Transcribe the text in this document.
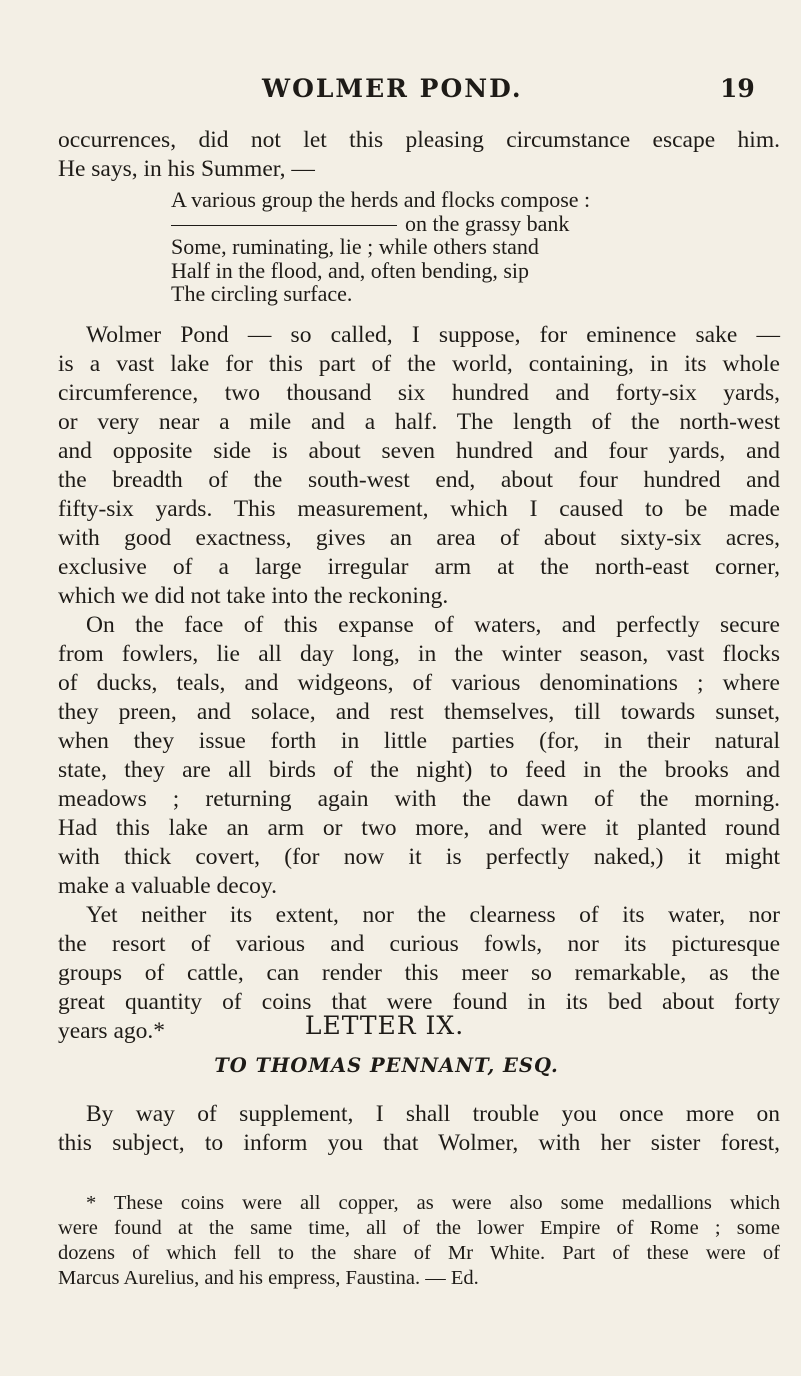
WOLMER POND.	19
occurrences, did not let this pleasing circumstance escape him.
He says, in his Summer, —
A various group the herds and flocks compose :
on the grassy bank
Some, ruminating, lie ; while others stand
Half in the flood, and, often bending, sip
The circling surface.
Wolmer Pond — so called, I suppose, for eminence sake —
is a vast lake for this part of the world, containing, in its whole
circumference, two thousand six hundred and forty-six yards,
or very near a mile and a half. The length of the north-west
and opposite side is about seven hundred and four yards, and
the breadth of the south-west end, about four hundred and
fifty-six yards. This measurement, which I caused to be made
with good exactness, gives an area of about sixty-six acres,
exclusive of a large irregular arm at the north-east corner,
which we did not take into the reckoning.
On the face of this expanse of waters, and perfectly secure
from fowlers, lie all day long, in the winter season, vast flocks
of ducks, teals, and widgeons, of various denominations ; where
they preen, and solace, and rest themselves, till towards sunset,
when they issue forth in little parties (for, in their natural
state, they are all birds of the night) to feed in the brooks and
meadows ; returning again with the dawn of the morning.
Had this lake an arm or two more, and were it planted round
with thick covert, (for now it is perfectly naked,) it might
make a valuable decoy.
Yet neither its extent, nor the clearness of its water, nor
the resort of various and curious fowls, nor its picturesque
groups of cattle, can render this meer so remarkable, as the
great quantity of coins that were found in its bed about forty
years ago.*	LETTER IX.
TO THOMAS PENNANT, ESQ.
By way of supplement, I shall trouble you once more on
this subject, to inform you that Wolmer, with her sister forest,
* These coins were all copper, as were also some medallions which
were found at the same time, all of the lower Empire of Rome ; some
dozens of which fell to the share of Mr White. Part of these were of
Marcus Aurelius, and his empress, Faustina. — Ed.
